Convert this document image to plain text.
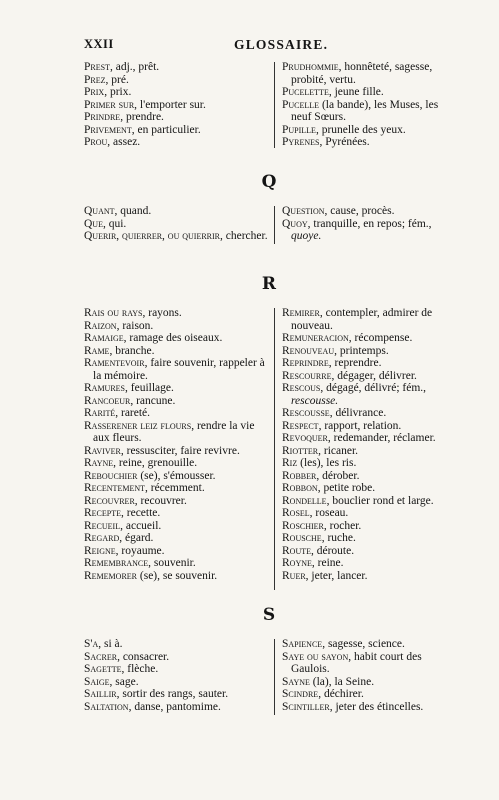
XXII	GLOSSAIRE.
Prest, adj., prêt.
Prez, pré.
Prix, prix.
Primer sur, l'emporter sur.
Prindre, prendre.
Privement, en particulier.
Prou, assez.
Prudhommie, honnêteté, sagesse, probité, vertu.
Pucelette, jeune fille.
Pucelle (la bande), les Muses, les neuf Sœurs.
Pupille, prunelle des yeux.
Pyrenes, Pyrénées.
Q
Quant, quand.
Que, qui.
Querir, quierrer, ou quierrir, chercher.
Question, cause, procès.
Quoy, tranquille, en repos; fém., quoye.
R
Rais ou rays, rayons.
Raizon, raison.
Ramaige, ramage des oiseaux.
Rame, branche.
Ramentevoir, faire souvenir, rappeler à la mémoire.
Ramures, feuillage.
Rancoeur, rancune.
Rarité, rareté.
Rasserener leiz flours, rendre la vie aux fleurs.
Raviver, ressusciter, faire revivre.
Rayne, reine, grenouille.
Rebouchier (se), s'émousser.
Recentement, récemment.
Recouvrer, recouvrer.
Recepte, recette.
Recueil, accueil.
Regard, égard.
Reigne, royaume.
Remembrance, souvenir.
Rememorer (se), se souvenir.
Remirer, contempler, admirer de nouveau.
Remuneracion, récompense.
Renouveau, printemps.
Reprindre, reprendre.
Rescourre, dégager, délivrer.
Rescous, dégagé, délivré; fém., rescousse.
Rescousse, délivrance.
Respect, rapport, relation.
Revoquer, redemander, réclamer.
Riotter, ricaner.
Riz (les), les ris.
Robber, dérober.
Robbon, petite robe.
Rondelle, bouclier rond et large.
Rosel, roseau.
Roschier, rocher.
Rousche, ruche.
Route, déroute.
Royne, reine.
Ruer, jeter, lancer.
S
S'a, si à.
Sacrer, consacrer.
Sagette, flèche.
Saige, sage.
Saillir, sortir des rangs, sauter.
Saltation, danse, pantomime.
Sapience, sagesse, science.
Saye ou sayon, habit court des Gaulois.
Sayne (la), la Seine.
Scindre, déchirer.
Scintiller, jeter des étincelles.
